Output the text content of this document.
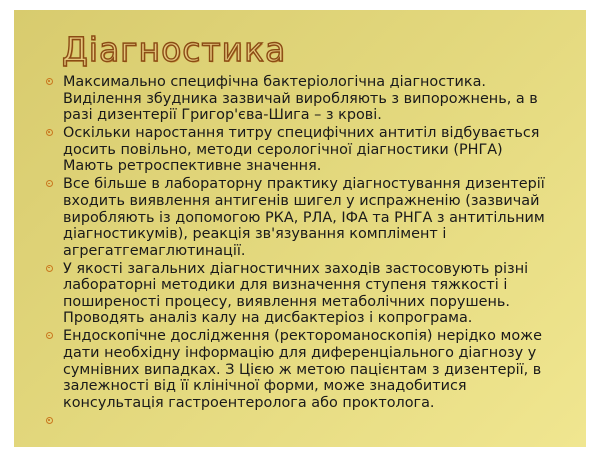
Діагностика
Максимально специфічна бактеріологічна діагностика.
Виділення збудника зазвичай виробляють з випорожнень, а в
разі дизентерії Григор'єва-Шига – з крові.
Оскільки наростання титру специфічних антитіл відбувається
досить повільно, методи серологічної діагностики (РНГА)
Мають ретроспективне значення.
Все більше в лабораторну практику діагностування дизентерії
входить виявлення антигенів шигел у испражненію (зазвичай
виробляють із допомогою РКА, РЛА, ІФА та РНГА з антитільним
діагностикумів), реакція зв'язування комплімент і
агрегатгемаглютинації.
У якості загальних діагностичних заходів застосовують різні
лабораторні методики для визначення ступеня тяжкості і
поширеності процесу, виявлення метаболічних порушень.
Проводять аналіз калу на дисбактеріоз і копрограма.
Ендоскопічне дослідження (ректороманоскопія) нерідко може
дати необхідну інформацію для диференціального діагнозу у
сумнівних випадках. З Цією ж метою пацієнтам з дизентерії, в
залежності від її клінічної форми, може знадобитися
консультація гастроентеролога або проктолога.
